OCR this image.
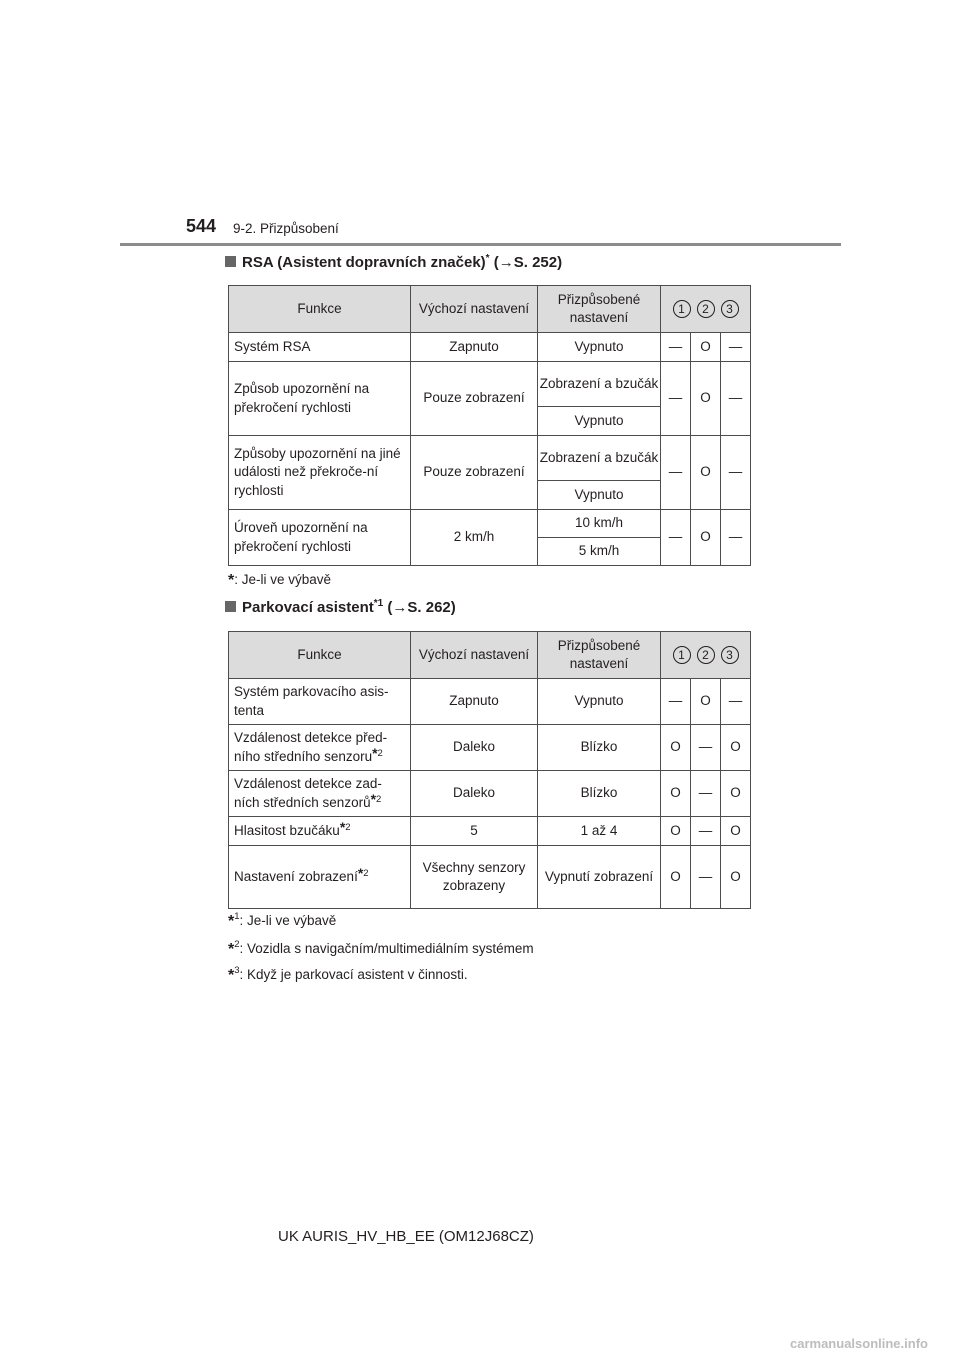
544 9-2. Přizpůsobení
RSA (Asistent dopravních značek)* (→S. 252)
Funkce	Výchozí nastavení	Přizpůsobené nastavení	1 2 3		
Systém RSA	Zapnuto	Vypnuto	—	O	—
Způsob upozornění na překročení rychlosti	Pouze zobrazení	Zobrazení a bzučák	—	O	—
		Vypnuto			
Způsoby upozornění na jiné události než překroče-ní rychlosti	Pouze zobrazení	Zobrazení a bzučák	—	O	—
		Vypnuto			
Úroveň upozornění na překročení rychlosti	2 km/h	10 km/h	—	O	—
		5 km/h			
*: Je-li ve výbavě
Parkovací asistent$^{*1}$ (→S. 262)
Funkce	Výchozí nastavení	Přizpůsobené nastavení	1 2 3		
Systém parkovacího asis-tenta	Zapnuto	Vypnuto	—	O	—
Vzdálenost detekce před-ního středního senzoru$^{*2}$	Daleko	Blízko	O	—	O
Vzdálenost detekce zad-ních středních senzorů$^{*2}$	Daleko	Blízko	O	—	O
Hlasitost bzučáku$^{*2}$	5	1 až 4	O	—	O
Nastavení zobrazení$^{*2}$	Všechny senzory zobrazeny	Vypnutí zobrazení	O	—	O
*$^1$: Je-li ve výbavě
*$^2$: Vozidla s navigačním/multimediálním systémem
*$^3$: Když je parkovací asistent v činnosti.
UK AURIS_HV_HB_EE (OM12J68CZ)
carmanualsonline.info
